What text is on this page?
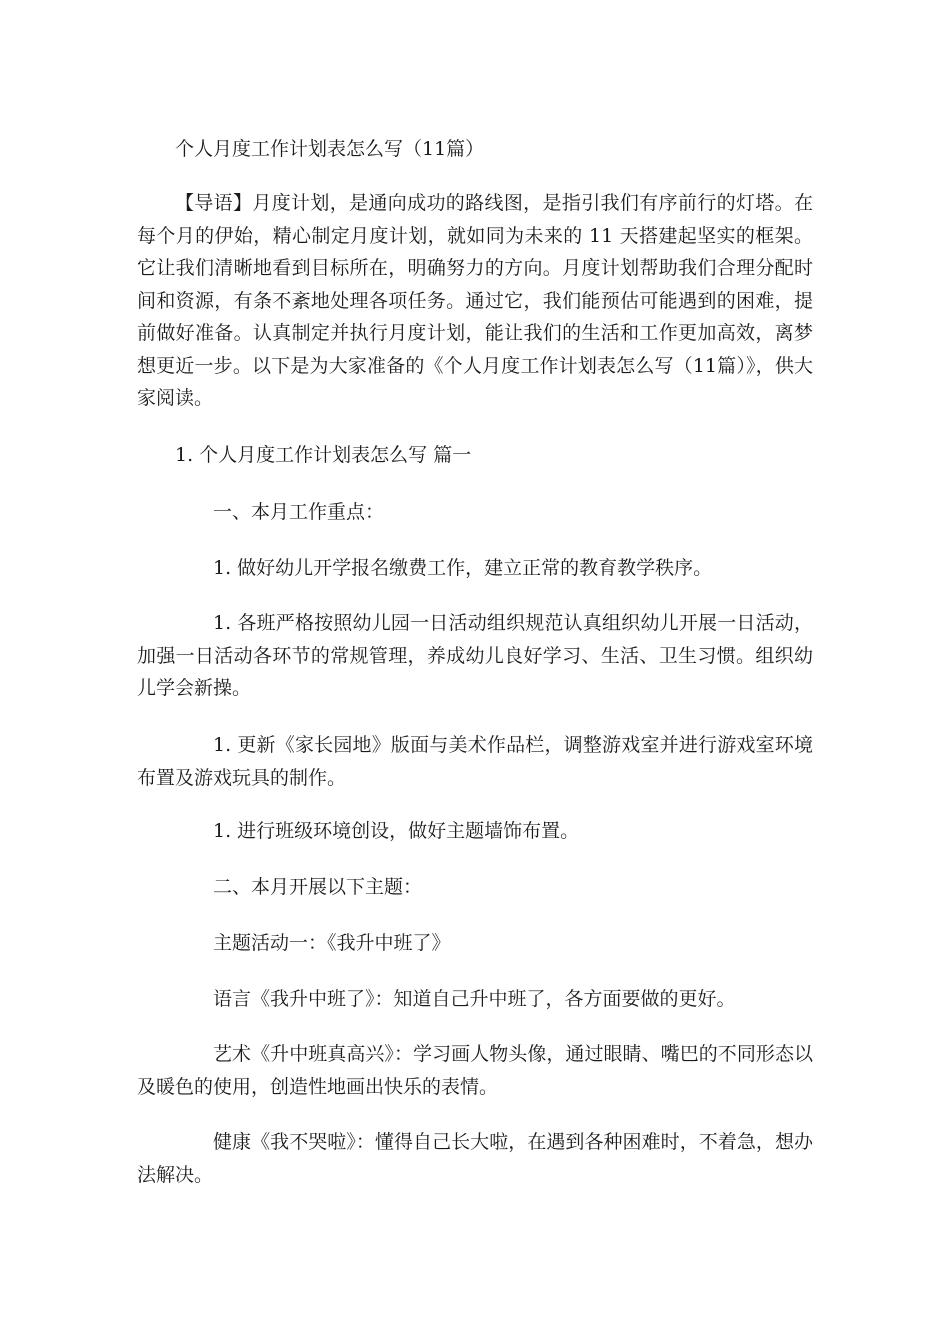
个人月度工作计划表怎么写（11篇）

【导语】月度计划，是通向成功的路线图，是指引我们有序前行的灯塔。在每个月的伊始，精心制定月度计划，就如同为未来的 11 天搭建起坚实的框架。它让我们清晰地看到目标所在，明确努力的方向。月度计划帮助我们合理分配时间和资源，有条不紊地处理各项任务。通过它，我们能预估可能遇到的困难，提前做好准备。认真制定并执行月度计划，能让我们的生活和工作更加高效，离梦想更近一步。以下是为大家准备的《个人月度工作计划表怎么写（11篇）》，供大家阅读。

1. 个人月度工作计划表怎么写 篇一

一、本月工作重点：

1. 做好幼儿开学报名缴费工作，建立正常的教育教学秩序。

1. 各班严格按照幼儿园一日活动组织规范认真组织幼儿开展一日活动，加强一日活动各环节的常规管理，养成幼儿良好学习、生活、卫生习惯。组织幼儿学会新操。

1. 更新《家长园地》版面与美术作品栏，调整游戏室并进行游戏室环境布置及游戏玩具的制作。

1. 进行班级环境创设，做好主题墙饰布置。

二、本月开展以下主题：

主题活动一：《我升中班了》

语言《我升中班了》：知道自己升中班了，各方面要做的更好。

艺术《升中班真高兴》：学习画人物头像，通过眼睛、嘴巴的不同形态以及暖色的使用，创造性地画出快乐的表情。

健康《我不哭啦》：懂得自己长大啦，在遇到各种困难时，不着急，想办法解决。
